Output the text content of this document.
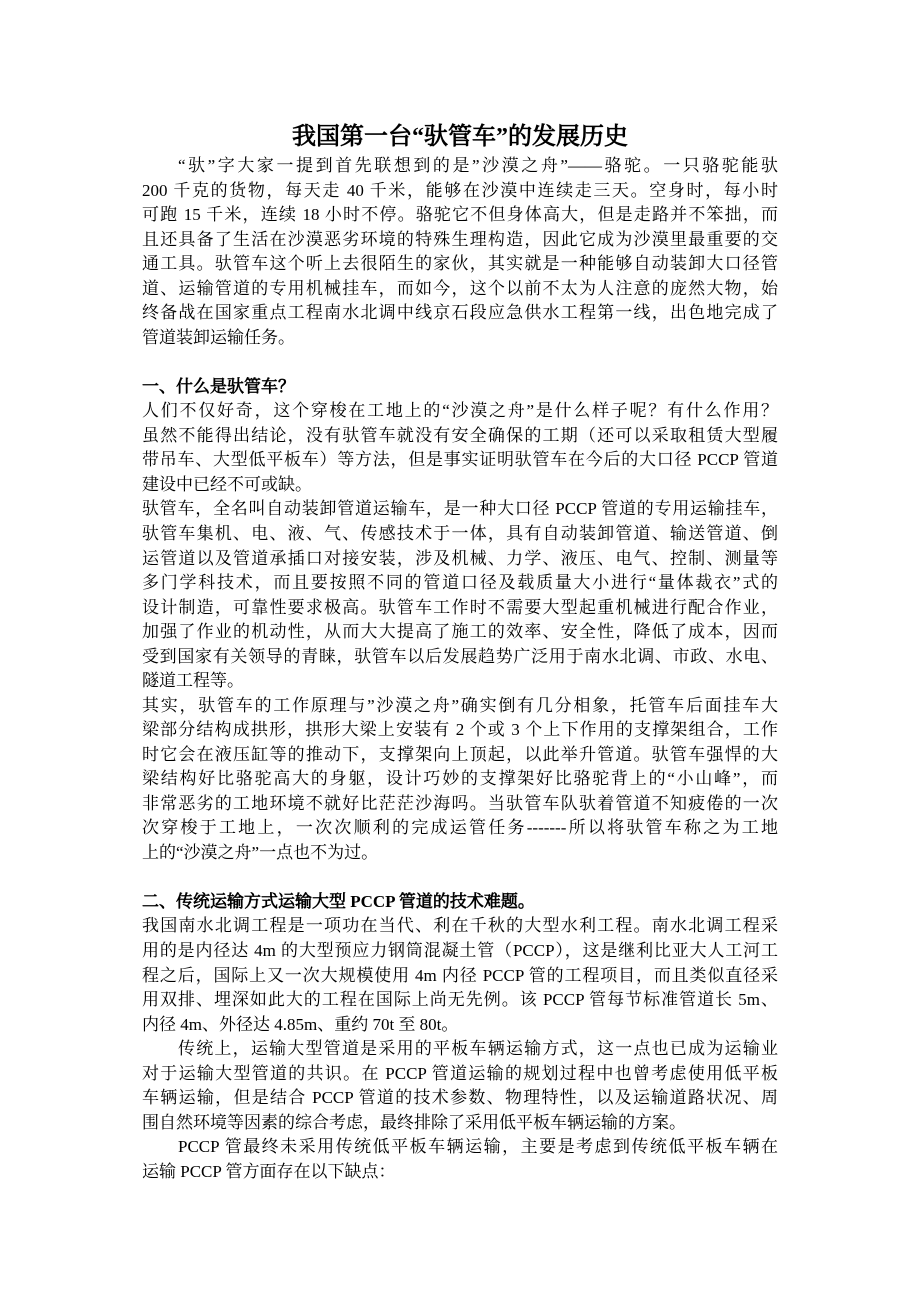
我国第一台“驮管车”的发展历史
“驮”字大家一提到首先联想到的是”沙漠之舟”——骆驼。一只骆驼能驮
200 千克的货物，每天走 40 千米，能够在沙漠中连续走三天。空身时，每小时
可跑 15 千米，连续 18 小时不停。骆驼它不但身体高大，但是走路并不笨拙，而
且还具备了生活在沙漠恶劣环境的特殊生理构造，因此它成为沙漠里最重要的交
通工具。驮管车这个听上去很陌生的家伙，其实就是一种能够自动装卸大口径管
道、运输管道的专用机械挂车，而如今，这个以前不太为人注意的庞然大物，始
终备战在国家重点工程南水北调中线京石段应急供水工程第一线，出色地完成了
管道装卸运输任务。
一、什么是驮管车？
人们不仅好奇，这个穿梭在工地上的“沙漠之舟”是什么样子呢？有什么作用？
虽然不能得出结论，没有驮管车就没有安全确保的工期（还可以采取租赁大型履
带吊车、大型低平板车）等方法，但是事实证明驮管车在今后的大口径 PCCP 管道
建设中已经不可或缺。
驮管车，全名叫自动装卸管道运输车，是一种大口径 PCCP 管道的专用运输挂车，
驮管车集机、电、液、气、传感技术于一体，具有自动装卸管道、输送管道、倒
运管道以及管道承插口对接安装，涉及机械、力学、液压、电气、控制、测量等
多门学科技术，而且要按照不同的管道口径及载质量大小进行“量体裁衣”式的
设计制造，可靠性要求极高。驮管车工作时不需要大型起重机械进行配合作业，
加强了作业的机动性，从而大大提高了施工的效率、安全性，降低了成本，因而
受到国家有关领导的青睐，驮管车以后发展趋势广泛用于南水北调、市政、水电、
隧道工程等。
其实，驮管车的工作原理与”沙漠之舟”确实倒有几分相象，托管车后面挂车大
梁部分结构成拱形，拱形大梁上安装有 2 个或 3 个上下作用的支撑架组合，工作
时它会在液压缸等的推动下，支撑架向上顶起，以此举升管道。驮管车强悍的大
梁结构好比骆驼高大的身躯，设计巧妙的支撑架好比骆驼背上的“小山峰”，而
非常恶劣的工地环境不就好比茫茫沙海吗。当驮管车队驮着管道不知疲倦的一次
次穿梭于工地上，一次次顺利的完成运管任务-------所以将驮管车称之为工地
上的“沙漠之舟”一点也不为过。
二、传统运输方式运输大型 PCCP 管道的技术难题。
我国南水北调工程是一项功在当代、利在千秋的大型水利工程。南水北调工程采
用的是内径达 4m 的大型预应力钢筒混凝土管（PCCP），这是继利比亚大人工河工
程之后，国际上又一次大规模使用 4m 内径 PCCP 管的工程项目，而且类似直径采
用双排、埋深如此大的工程在国际上尚无先例。该 PCCP 管每节标准管道长 5m、
内径 4m、外径达 4.85m、重约 70t 至 80t。
传统上，运输大型管道是采用的平板车辆运输方式，这一点也已成为运输业
对于运输大型管道的共识。在 PCCP 管道运输的规划过程中也曾考虑使用低平板
车辆运输，但是结合 PCCP 管道的技术参数、物理特性，以及运输道路状况、周
围自然环境等因素的综合考虑，最终排除了采用低平板车辆运输的方案。
PCCP 管最终未采用传统低平板车辆运输，主要是考虑到传统低平板车辆在
运输 PCCP 管方面存在以下缺点：
